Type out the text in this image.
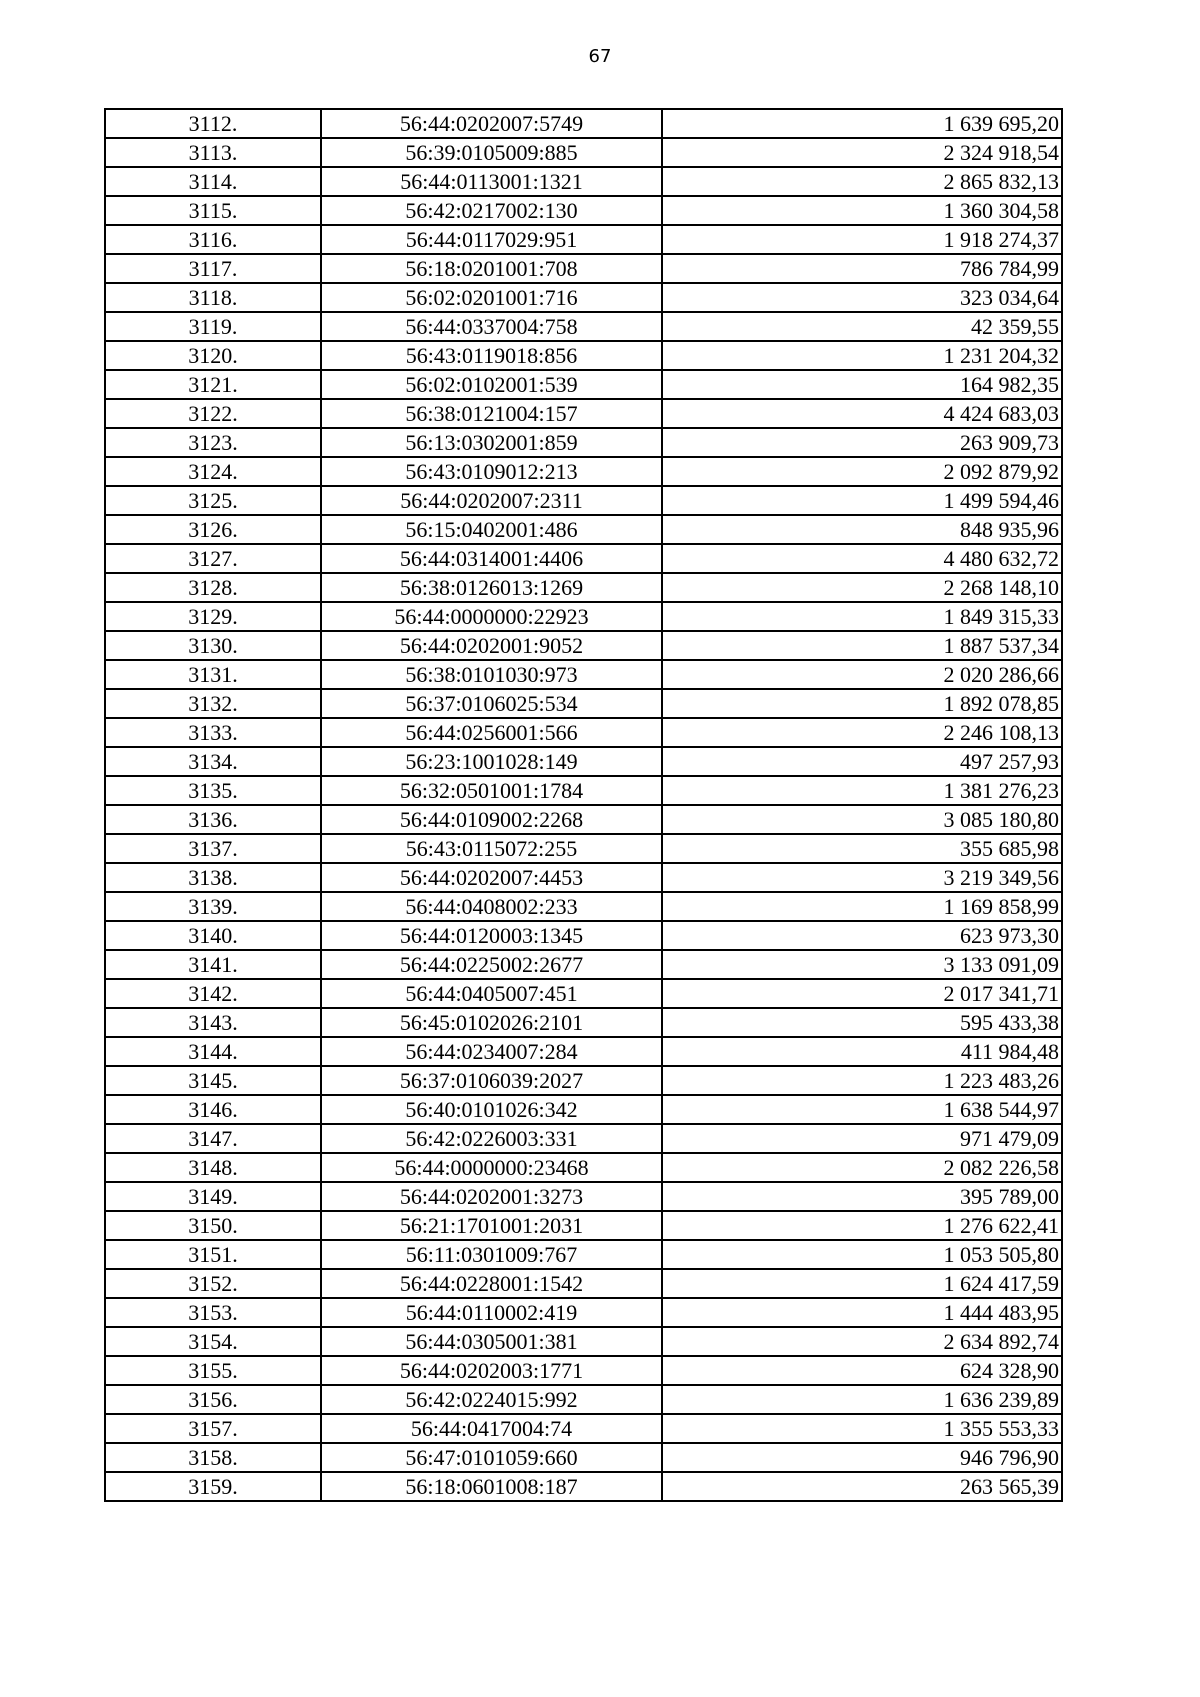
67
3112.	56:44:0202007:5749	1 639 695,20
3113.	56:39:0105009:885	2 324 918,54
3114.	56:44:0113001:1321	2 865 832,13
3115.	56:42:0217002:130	1 360 304,58
3116.	56:44:0117029:951	1 918 274,37
3117.	56:18:0201001:708	786 784,99
3118.	56:02:0201001:716	323 034,64
3119.	56:44:0337004:758	42 359,55
3120.	56:43:0119018:856	1 231 204,32
3121.	56:02:0102001:539	164 982,35
3122.	56:38:0121004:157	4 424 683,03
3123.	56:13:0302001:859	263 909,73
3124.	56:43:0109012:213	2 092 879,92
3125.	56:44:0202007:2311	1 499 594,46
3126.	56:15:0402001:486	848 935,96
3127.	56:44:0314001:4406	4 480 632,72
3128.	56:38:0126013:1269	2 268 148,10
3129.	56:44:0000000:22923	1 849 315,33
3130.	56:44:0202001:9052	1 887 537,34
3131.	56:38:0101030:973	2 020 286,66
3132.	56:37:0106025:534	1 892 078,85
3133.	56:44:0256001:566	2 246 108,13
3134.	56:23:1001028:149	497 257,93
3135.	56:32:0501001:1784	1 381 276,23
3136.	56:44:0109002:2268	3 085 180,80
3137.	56:43:0115072:255	355 685,98
3138.	56:44:0202007:4453	3 219 349,56
3139.	56:44:0408002:233	1 169 858,99
3140.	56:44:0120003:1345	623 973,30
3141.	56:44:0225002:2677	3 133 091,09
3142.	56:44:0405007:451	2 017 341,71
3143.	56:45:0102026:2101	595 433,38
3144.	56:44:0234007:284	411 984,48
3145.	56:37:0106039:2027	1 223 483,26
3146.	56:40:0101026:342	1 638 544,97
3147.	56:42:0226003:331	971 479,09
3148.	56:44:0000000:23468	2 082 226,58
3149.	56:44:0202001:3273	395 789,00
3150.	56:21:1701001:2031	1 276 622,41
3151.	56:11:0301009:767	1 053 505,80
3152.	56:44:0228001:1542	1 624 417,59
3153.	56:44:0110002:419	1 444 483,95
3154.	56:44:0305001:381	2 634 892,74
3155.	56:44:0202003:1771	624 328,90
3156.	56:42:0224015:992	1 636 239,89
3157.	56:44:0417004:74	1 355 553,33
3158.	56:47:0101059:660	946 796,90
3159.	56:18:0601008:187	263 565,39
